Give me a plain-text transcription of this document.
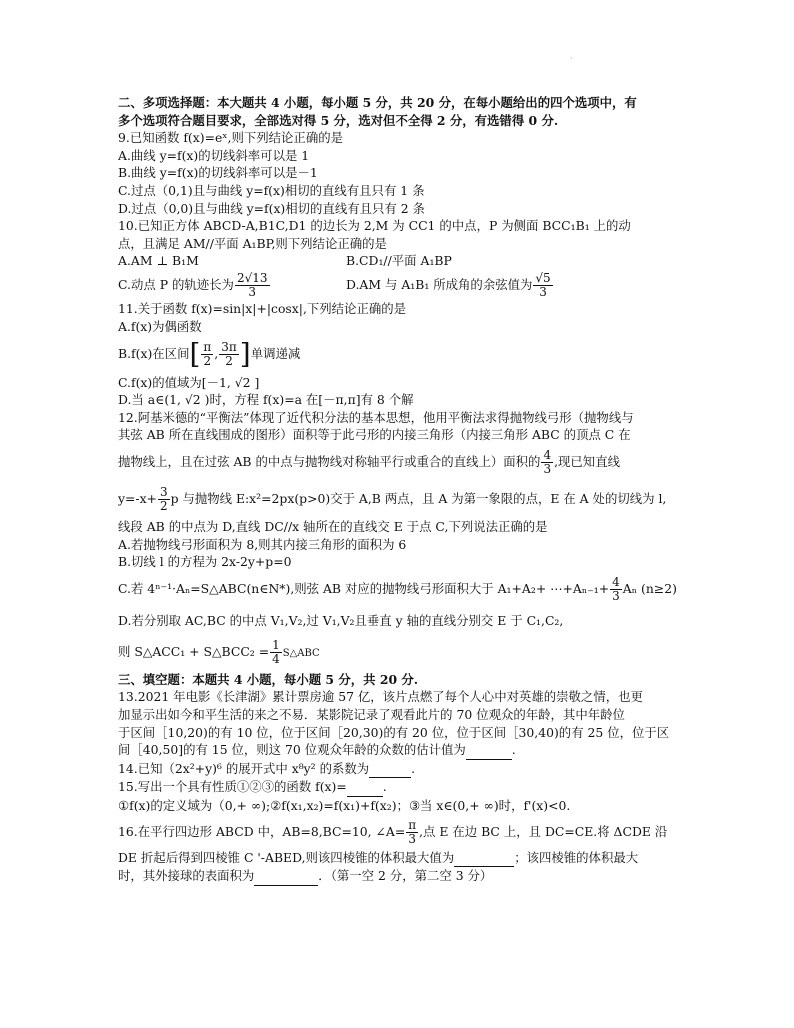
·
二、多项选择题：本大题共 4 小题，每小题 5 分，共 20 分，在每小题给出的四个选项中，有
多个选项符合题目要求，全部选对得 5 分，选对但不全得 2 分，有选错得 0 分.
9.已知函数 f(x)=eˣ,则下列结论正确的是
A.曲线 y=f(x)的切线斜率可以是 1
B.曲线 y=f(x)的切线斜率可以是－1
C.过点（0,1)且与曲线 y=f(x)相切的直线有且只有 1 条
D.过点（0,0)且与曲线 y=f(x)相切的直线有且只有 2 条
10.已知正方体 ABCD-A,B1C,D1 的边长为 2,M 为 CC1 的中点，P 为侧面 BCC₁B₁ 上的动
点，且满足 AM//平面 A₁BP,则下列结论正确的是
A.AM ⊥ B₁M	B.CD₁//平面 A₁BP
C.动点 P 的轨迹长为 $\frac{2√13}{3}$	D.AM 与 A₁B₁ 所成角的余弦值为 $\frac{√5}{3}$
11.关于函数 f(x)=sin|x|+|cosx|,下列结论正确的是
A.f(x)为偶函数
B.f(x)在区间[ $\frac{\pi}{2}$ , $\frac{3\pi}{2}$ ]单调递减
C.f(x)的值域为[－1, √2 ]
D.当 a∈(1, √2 )时，方程 f(x)=a 在[－π,π]有 8 个解
12.阿基米德的“平衡法”体现了近代积分法的基本思想，他用平衡法求得抛物线弓形（抛物线与
其弦 AB 所在直线围成的图形）面积等于此弓形的内接三角形（内接三角形 ABC 的顶点 C 在
抛物线上，且在过弦 AB 的中点与抛物线对称轴平行或重合的直线上）面积的 $\frac{4}{3}$ ,现已知直线
$y=-x+ \frac{3}{2}$ p 与抛物线 E:x²=2px(p>0)交于 A,B 两点，且 A 为第一象限的点，E 在 A 处的切线为 l,
线段 AB 的中点为 D,直线 DC//x 轴所在的直线交 E 于点 C,下列说法正确的是
A.若抛物线弓形面积为 8,则其内接三角形的面积为 6
B.切线 l 的方程为 2x-2y+p=0
C.若 4ⁿ⁻¹·Aₙ=S△ABC(n∈N*),则弦 AB 对应的抛物线弓形面积大于 A₁+A₂+ ⋯+Aₙ₋₁+ $\frac{4}{3}$ Aₙ (n≥2)
D.若分别取 AC,BC 的中点 V₁,V₂,过 V₁,V₂且垂直 y 轴的直线分别交 E 于 C₁,C₂,
则 S△ACC₁ + S△BCC₂ = $\frac{1}{4}$ S△ABC
三、填空题：本题共 4 小题，每小题 5 分，共 20 分.
13.2021 年电影《长津湖》累计票房逾 57 亿，该片点燃了每个人心中对英雄的崇敬之情，也更
加显示出如今和平生活的来之不易．某影院记录了观看此片的 70 位观众的年龄，其中年龄位
于区间［10,20)的有 10 位，位于区间［20,30)的有 20 位，位于区间［30,40)的有 25 位，位于区
间［40,50]的有 15 位，则这 70 位观众年龄的众数的估计值为	.
14.已知（2x²+y)⁶ 的展开式中 x⁸y² 的系数为	.
15.写出一个具有性质①②③的函数 f(x)=	.
①f(x)的定义域为（0,+ ∞);②f(x₁,x₂)=f(x₁)+f(x₂)；③当 x∈(0,+ ∞)时，f'(x)<0.
16.在平行四边形 ABCD 中，AB=8,BC=10, ∠A= $\frac{\pi}{3}$ ,点 E 在边 BC 上，且 DC=CE.将 ΔCDE 沿
DE 折起后得到四棱锥 C '-ABED,则该四棱锥的体积最大值为	；该四棱锥的体积最大
时，其外接球的表面积为	．（第一空 2 分，第二空 3 分）
